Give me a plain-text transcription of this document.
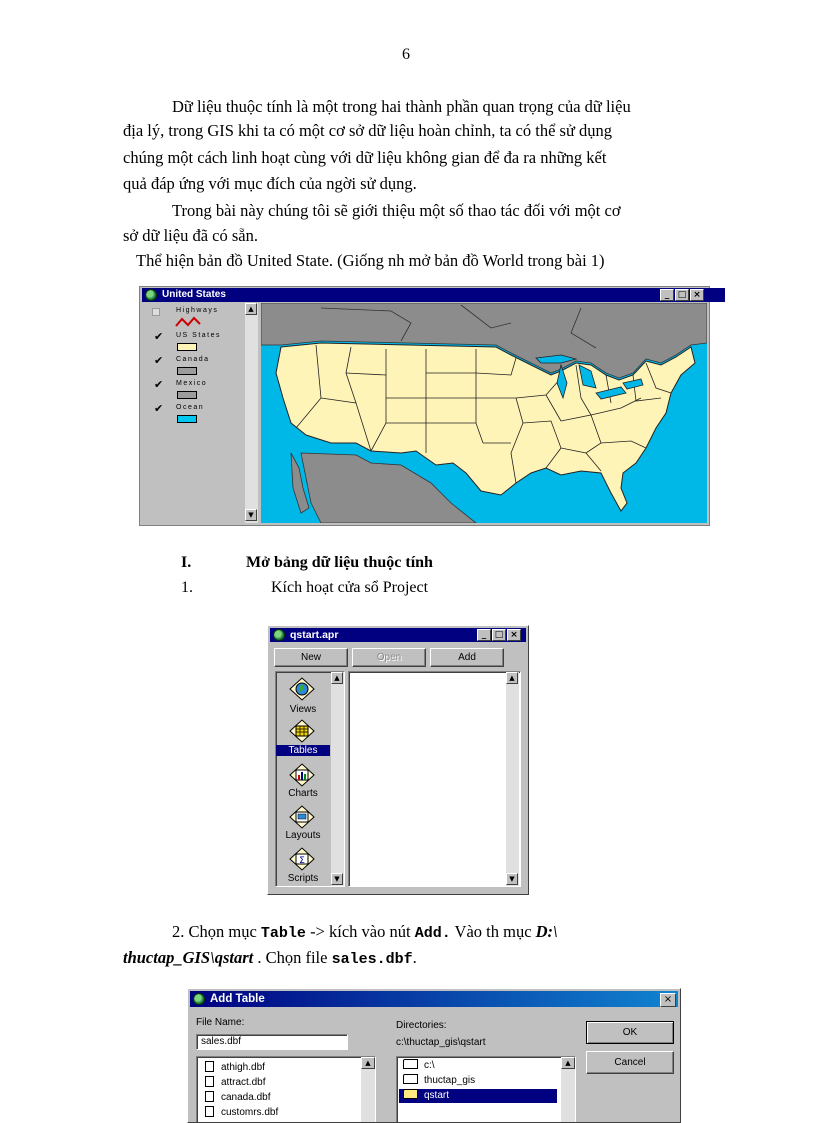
6
Dữ liệu thuộc tính là một trong hai thành phần quan trọng của dữ liệu
địa lý, trong GIS khi ta có một cơ sở dữ liệu hoàn chỉnh, ta có thể sử dụng
chúng một cách linh hoạt cùng với dữ liệu không gian để đa ra những kết
quả đáp ứng với mục đích của ngời sử dụng.
Trong bài này chúng tôi sẽ giới thiệu một số thao tác đối với một cơ
sở dữ liệu đã có sẵn.
Thể hiện bản đồ United State. (Giống nh mở bản đồ World trong bài 1)
United States	_ □ ×
Highways
✔ US States
✔ Canada
✔ Mexico
✔ Ocean
▲
▼
I.	Mở bảng dữ liệu thuộc tính
1.	Kích hoạt cửa sổ Project
qstart.apr	_ □ ×
New	Open	Add
Views
Tables
Charts
Layouts
Σ
Scripts
▲
▼
▲
▼
2. Chọn mục Table -> kích vào nút Add. Vào th mục D:\
thuctap_GIS\qstart . Chọn file sales.dbf.
Add Table	×
File Name:
sales.dbf
athigh.dbf
attract.dbf
canada.dbf
customrs.dbf
▲
Directories:
c:\thuctap_gis\qstart
c:\
thuctap_gis
qstart
▲
OK
Cancel
